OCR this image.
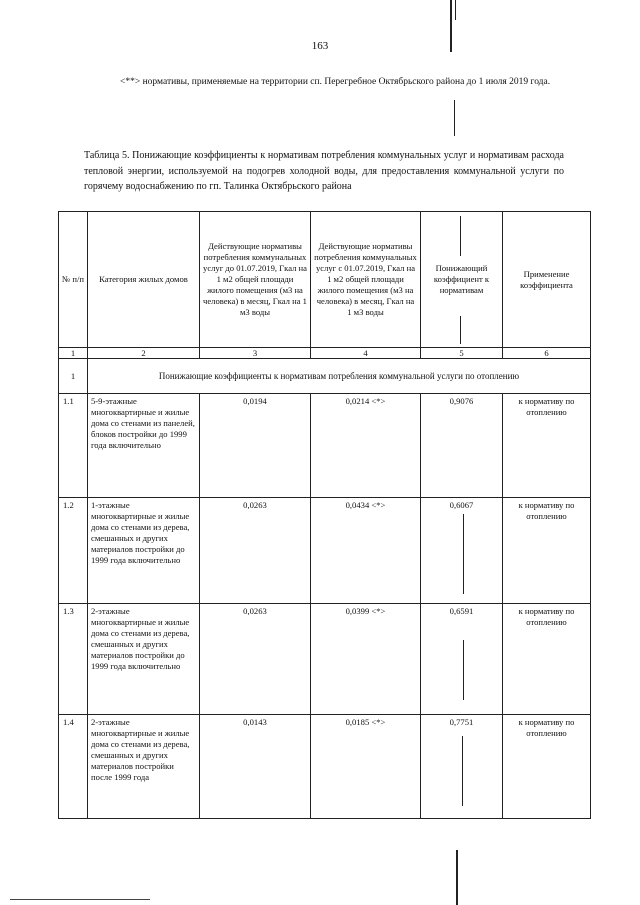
163
<**> нормативы, применяемые на территории сп. Перегребное Октябрьского района до 1 июля 2019 года.
Таблица 5. Понижающие коэффициенты к нормативам потребления коммунальных услуг и нормативам расхода тепловой энергии, используемой на подогрев холодной воды, для предоставления коммунальной услуги по горячему водоснабжению по гп. Талинка Октябрьского района
№ п/п	Категория жилых домов	Действующие нормативы потребления коммунальных услуг до 01.07.2019, Гкал на 1 м2 общей площади жилого помещения (м3 на человека) в месяц, Гкал на 1 м3 воды	Действующие нормативы потребления коммунальных услуг с 01.07.2019, Гкал на 1 м2 общей площади жилого помещения (м3 на человека) в месяц, Гкал на 1 м3 воды	Понижающий коэффициент к нормативам	Применение коэффициента
1	2	3	4	5	6
1	Понижающие коэффициенты к нормативам потребления коммунальной услуги по отоплению				
1.1	5-9-этажные многоквартирные и жилые дома со стенами из панелей, блоков постройки до 1999 года включительно	0,0194	0,0214 <*>	0,9076	к нормативу по отоплению
1.2	1-этажные многоквартирные и жилые дома со стенами из дерева, смешанных и других материалов постройки до 1999 года включительно	0,0263	0,0434 <*>	0,6067	к нормативу по отоплению
1.3	2-этажные многоквартирные и жилые дома со стенами из дерева, смешанных и других материалов постройки до 1999 года включительно	0,0263	0,0399 <*>	0,6591	к нормативу по отоплению
1.4	2-этажные многоквартирные и жилые дома со стенами из дерева, смешанных и других материалов постройки после 1999 года	0,0143	0,0185 <*>	0,7751	к нормативу по отоплению
